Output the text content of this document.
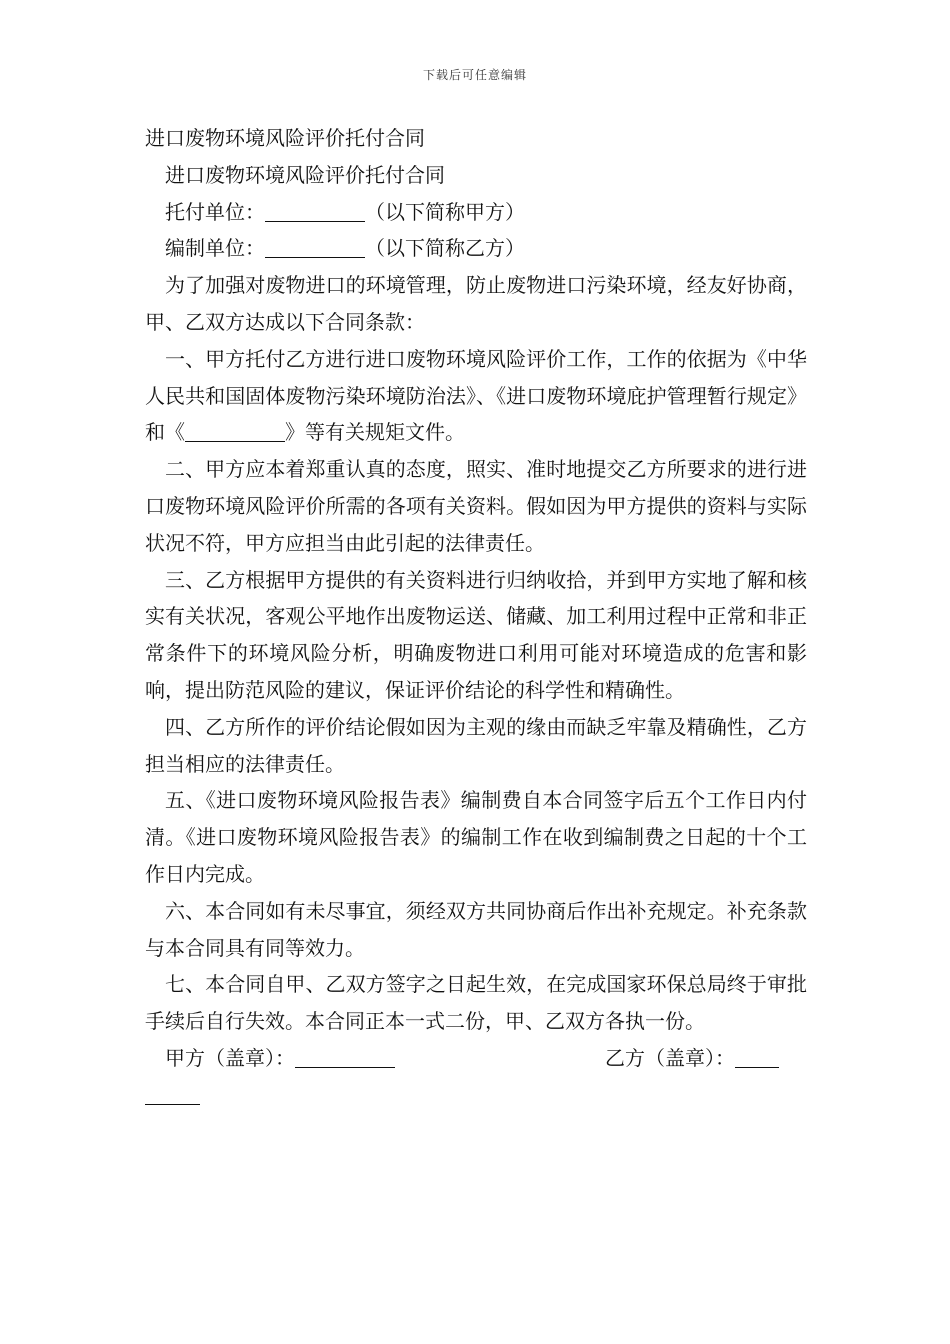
下载后可任意编辑

进口废物环境风险评价托付合同

进口废物环境风险评价托付合同

托付单位：	（以下简称甲方）

编制单位：	（以下简称乙方）

为了加强对废物进口的环境管理，防止废物进口污染环境，经友好协商，甲、乙双方达成以下合同条款：

一、甲方托付乙方进行进口废物环境风险评价工作，工作的依据为《中华人民共和国固体废物污染环境防治法》、《进口废物环境庇护管理暂行规定》和《	》等有关规矩文件。

二、甲方应本着郑重认真的态度，照实、准时地提交乙方所要求的进行进口废物环境风险评价所需的各项有关资料。假如因为甲方提供的资料与实际状况不符，甲方应担当由此引起的法律责任。

三、乙方根据甲方提供的有关资料进行归纳收拾，并到甲方实地了解和核实有关状况，客观公平地作出废物运送、储藏、加工利用过程中正常和非正常条件下的环境风险分析，明确废物进口利用可能对环境造成的危害和影响，提出防范风险的建议，保证评价结论的科学性和精确性。

四、乙方所作的评价结论假如因为主观的缘由而缺乏牢靠及精确性，乙方担当相应的法律责任。

五、《进口废物环境风险报告表》编制费自本合同签字后五个工作日内付清。《进口废物环境风险报告表》的编制工作在收到编制费之日起的十个工作日内完成。

六、本合同如有未尽事宜，须经双方共同协商后作出补充规定。补充条款与本合同具有同等效力。

七、本合同自甲、乙双方签字之日起生效，在完成国家环保总局终于审批手续后自行失效。本合同正本一式二份，甲、乙双方各执一份。

甲方（盖章）：	乙方（盖章）：
